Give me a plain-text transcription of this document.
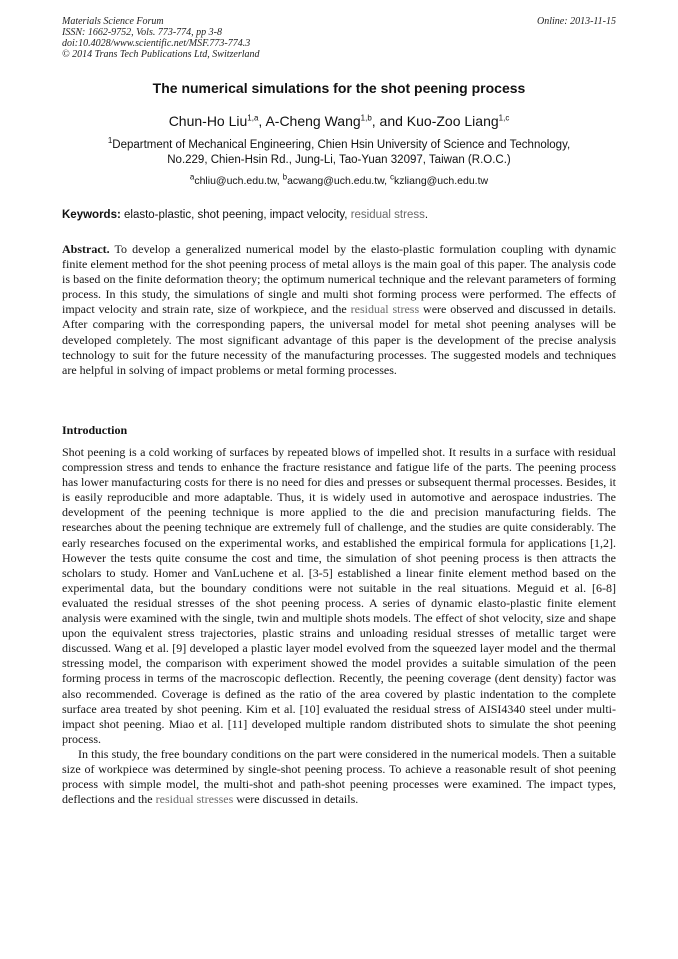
Materials Science Forum
ISSN: 1662-9752, Vols. 773-774, pp 3-8
doi:10.4028/www.scientific.net/MSF.773-774.3
© 2014 Trans Tech Publications Ltd, Switzerland
Online: 2013-11-15
The numerical simulations for the shot peening process
Chun-Ho Liu$^{1,a}$, A-Cheng Wang$^{1,b}$, and Kuo-Zoo Liang$^{1,c}$
$^1$Department of Mechanical Engineering, Chien Hsin University of Science and Technology,
No.229, Chien-Hsin Rd., Jung-Li, Tao-Yuan 32097, Taiwan (R.O.C.)
$^a$chliu@uch.edu.tw, $^b$acwang@uch.edu.tw, $^c$kzliang@uch.edu.tw
Keywords: elasto-plastic, shot peening, impact velocity, residual stress.
Abstract. To develop a generalized numerical model by the elasto-plastic formulation coupling with dynamic finite element method for the shot peening process of metal alloys is the main goal of this paper. The analysis code is based on the finite deformation theory; the optimum numerical technique and the relevant parameters of forming process. In this study, the simulations of single and multi shot forming process were performed. The effects of impact velocity and strain rate, size of workpiece, and the residual stress were observed and discussed in details. After comparing with the corresponding papers, the universal model for metal shot peening analyses will be developed completely. The most significant advantage of this paper is the development of the precise analysis technology to suit for the future necessity of the manufacturing processes. The suggested models and techniques are helpful in solving of impact problems or metal forming processes.
Introduction

Shot peening is a cold working of surfaces by repeated blows of impelled shot. It results in a surface with residual compression stress and tends to enhance the fracture resistance and fatigue life of the parts. The peening process has lower manufacturing costs for there is no need for dies and presses or subsequent thermal processes. Besides, it is easily reproducible and more adaptable. Thus, it is widely used in automotive and aerospace industries. The development of the peening technique is more applied to the die and precision manufacturing fields. The researches about the peening technique are extremely full of challenge, and the studies are quite considerably. The early researches focused on the experimental works, and established the empirical formula for applications [1,2]. However the tests quite consume the cost and time, the simulation of shot peening process is then attracts the scholars to study. Homer and VanLuchene et al. [3-5] established a linear finite element method based on the experimental data, but the boundary conditions were not suitable in the real situations. Meguid et al. [6-8] evaluated the residual stresses of the shot peening process. A series of dynamic elasto-plastic finite element analysis were examined with the single, twin and multiple shots models. The effect of shot velocity, size and shape upon the equivalent stress trajectories, plastic strains and unloading residual stresses of metallic target were discussed. Wang et al. [9] developed a plastic layer model evolved from the squeezed layer model and the thermal stressing model, the comparison with experiment showed the model provides a suitable simulation of the peen forming process in terms of the macroscopic deflection. Recently, the peening coverage (dent density) factor was also recommended. Coverage is defined as the ratio of the area covered by plastic indentation to the complete surface area treated by shot peening. Kim et al. [10] evaluated the residual stress of AISI4340 steel under multi-impact shot peening. Miao et al. [11] developed multiple random distributed shots to simulate the shot peening process.

In this study, the free boundary conditions on the part were considered in the numerical models. Then a suitable size of workpiece was determined by single-shot peening process. To achieve a reasonable result of shot peening process with simple model, the multi-shot and path-shot peening processes were examined. The impact types, deflections and the residual stresses were discussed in details.
